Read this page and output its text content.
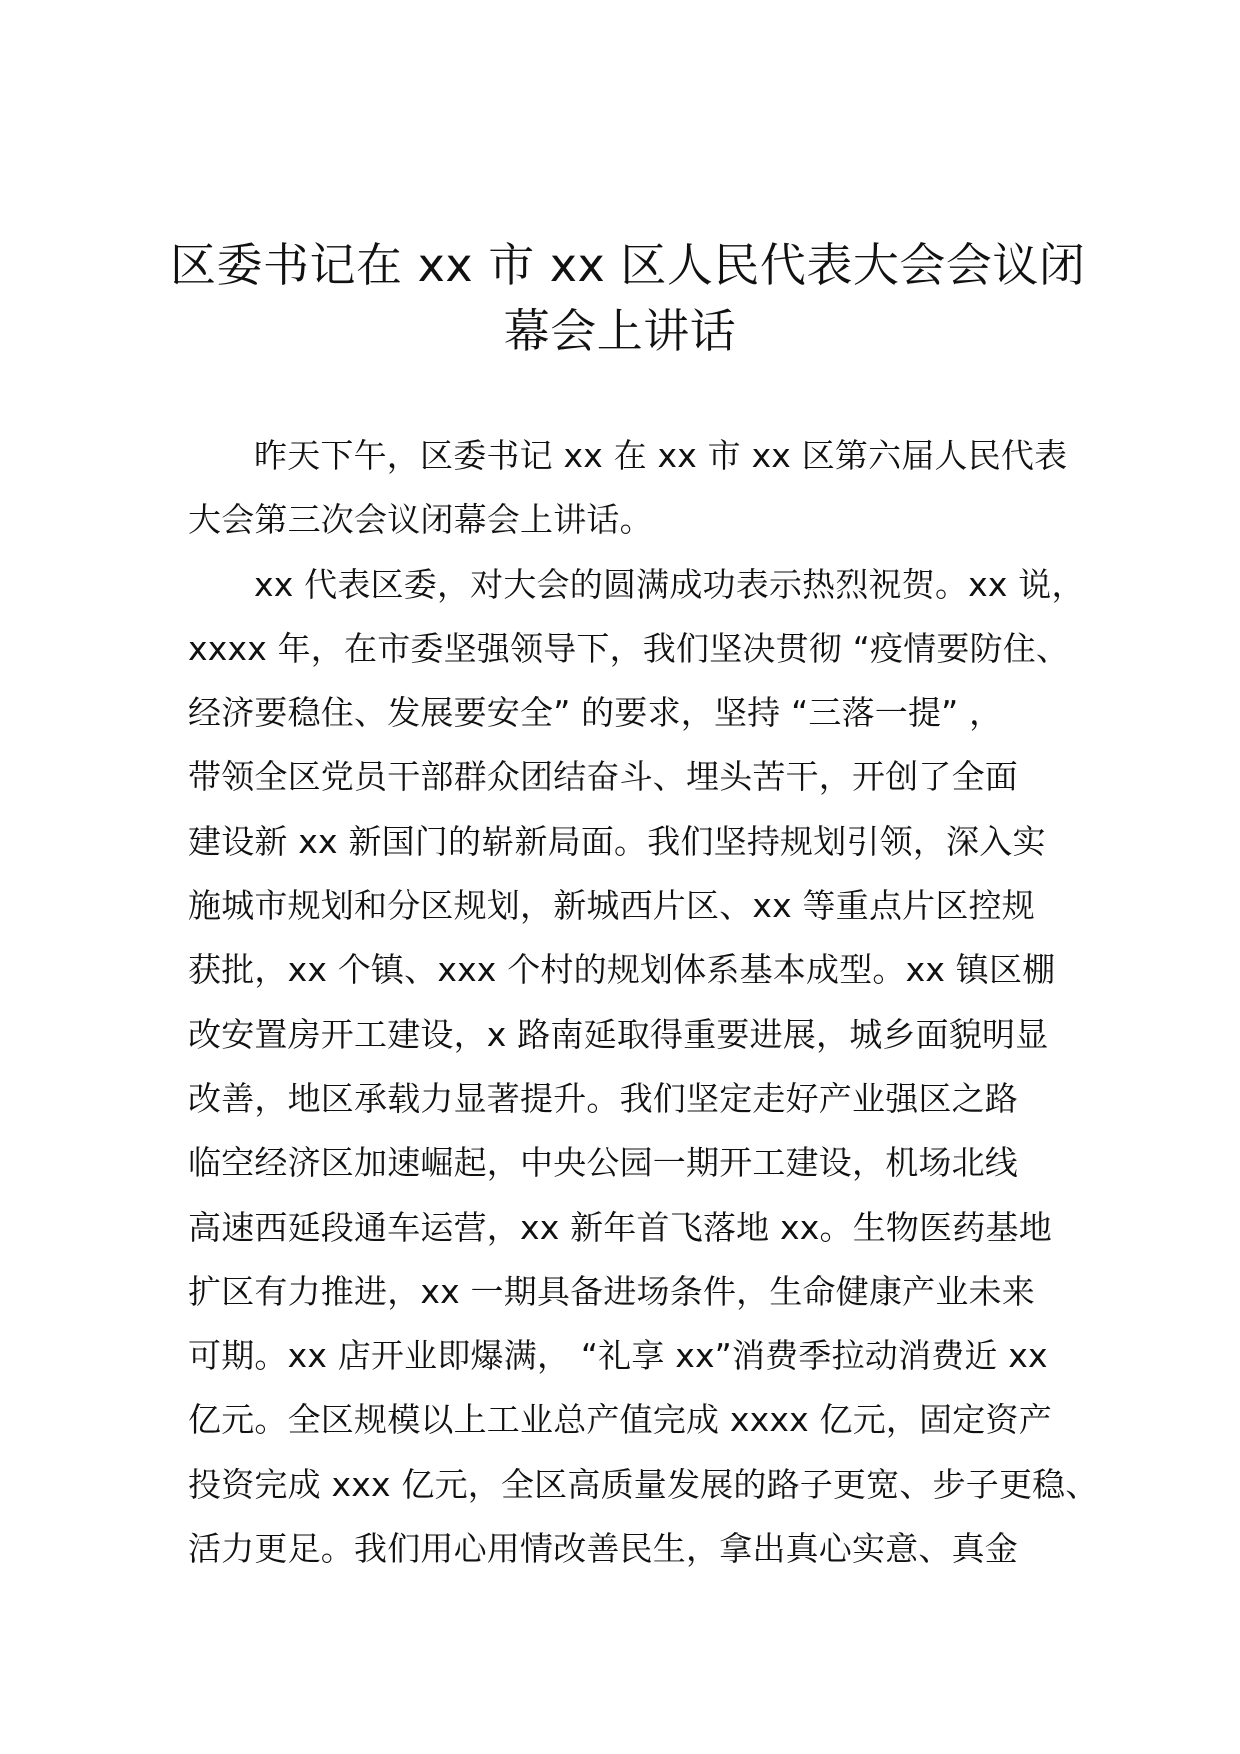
区委书记在 xx 市 xx 区人民代表大会会议闭
幕会上讲话
昨天下午，区委书记 xx 在 xx 市 xx 区第六届人民代表
大会第三次会议闭幕会上讲话。
xx 代表区委，对大会的圆满成功表示热烈祝贺。xx 说，
xxxx 年，在市委坚强领导下，我们坚决贯彻 “疫情要防住、
经济要稳住、发展要安全” 的要求，坚持 “三落一提” ，
带领全区党员干部群众团结奋斗、埋头苦干，开创了全面
建设新 xx 新国门的崭新局面。我们坚持规划引领，深入实
施城市规划和分区规划，新城西片区、xx 等重点片区控规
获批，xx 个镇、xxx 个村的规划体系基本成型。xx 镇区棚
改安置房开工建设，x 路南延取得重要进展，城乡面貌明显
改善，地区承载力显著提升。我们坚定走好产业强区之路
临空经济区加速崛起，中央公园一期开工建设，机场北线
高速西延段通车运营，xx 新年首飞落地 xx。生物医药基地
扩区有力推进，xx 一期具备进场条件，生命健康产业未来
可期。xx 店开业即爆满， “礼享 xx”消费季拉动消费近 xx
亿元。全区规模以上工业总产值完成 xxxx 亿元，固定资产
投资完成 xxx 亿元，全区高质量发展的路子更宽、步子更稳、
活力更足。我们用心用情改善民生，拿出真心实意、真金
